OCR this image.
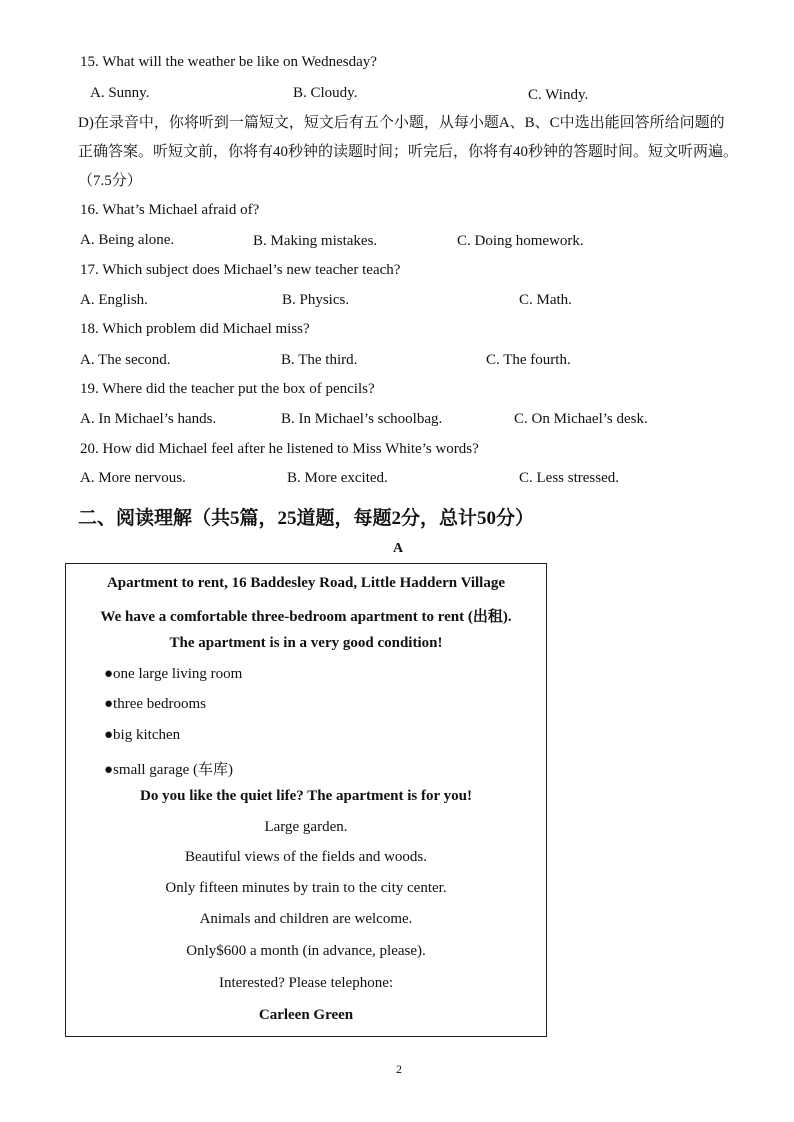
15. What will the weather be like on Wednesday?
A. Sunny.	B. Cloudy.	C. Windy.
D)在录音中，你将听到一篇短文，短文后有五个小题，从每小题A、B、C中选出能回答所给问题的正确答案。听短文前，你将有40秒钟的读题时间；听完后，你将有40秒钟的答题时间。短文听两遍。（7.5分）
16. What’s Michael afraid of?
A. Being alone.	B. Making mistakes.	C. Doing homework.
17. Which subject does Michael’s new teacher teach?
A. English.	B. Physics.	C. Math.
18. Which problem did Michael miss?
A. The second.	B. The third.	C. The fourth.
19. Where did the teacher put the box of pencils?
A. In Michael’s hands.	B. In Michael’s schoolbag.	C. On Michael’s desk.
20. How did Michael feel after he listened to Miss White’s words?
A. More nervous.	B. More excited.	C. Less stressed.
二、阅读理解（共5篇，25道题，每题2分，总计50分）
A
Apartment to rent, 16 Baddesley Road, Little Haddern Village
We have a comfortable three-bedroom apartment to rent (出租).
The apartment is in a very good condition!
●one large living room
●three bedrooms
●big kitchen
●small garage (车库)
Do you like the quiet life? The apartment is for you!
Large garden.
Beautiful views of the fields and woods.
Only fifteen minutes by train to the city center.
Animals and children are welcome.
Only$600 a month (in advance, please).
Interested? Please telephone:
Carleen Green
2
